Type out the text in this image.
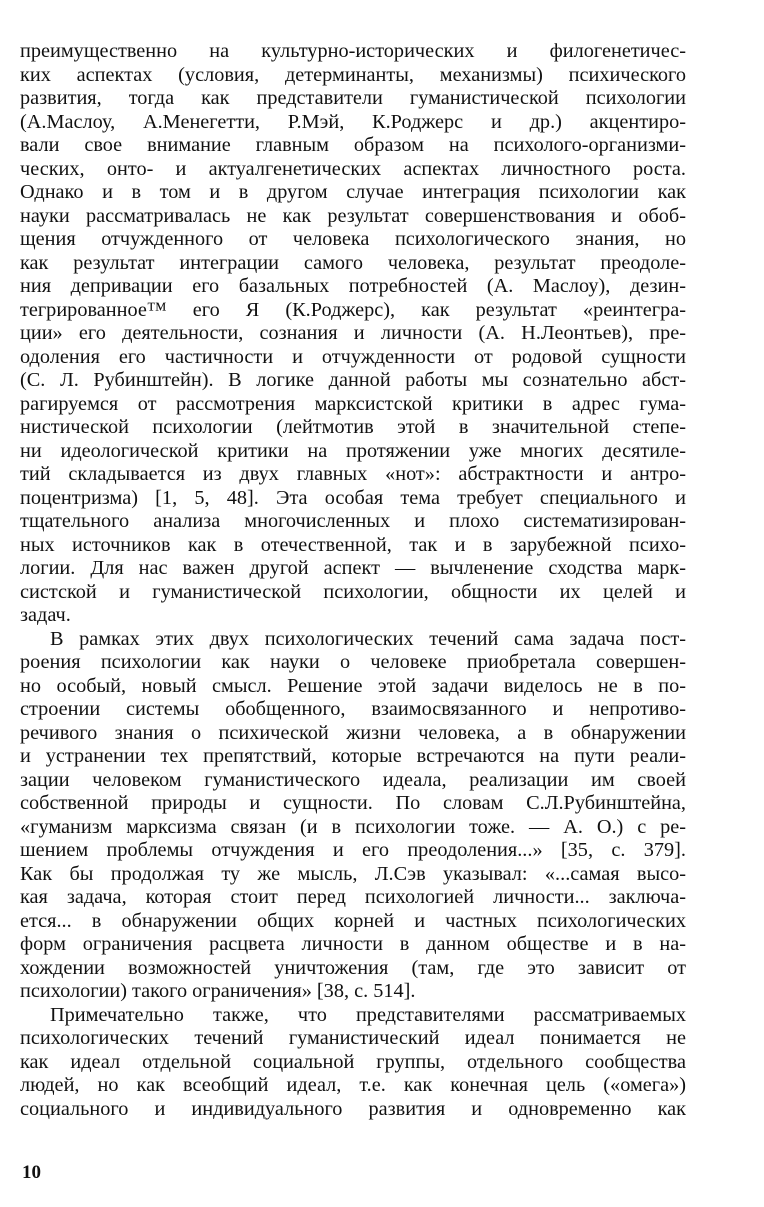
преимущественно на культурно-исторических и филогенетичес-
ких аспектах (условия, детерминанты, механизмы) психического
развития, тогда как представители гуманистической психологии
(А.Маслоу, А.Менегетти, Р.Мэй, К.Роджерс и др.) акцентиро-
вали свое внимание главным образом на психолого-организми-
ческих, онто- и актуалгенетических аспектах личностного роста.
Однако и в том и в другом случае интеграция психологии как
науки рассматривалась не как результат совершенствования и обоб-
щения отчужденного от человека психологического знания, но
как результат интеграции самого человека, результат преодоле-
ния депривации его базальных потребностей (А. Маслоу), дезин-
тегрированное™ его Я (К.Роджерс), как результат «реинтегра-
ции» его деятельности, сознания и личности (А. Н.Леонтьев), пре-
одоления его частичности и отчужденности от родовой сущности
(С. Л. Рубинштейн). В логике данной работы мы сознательно абст-
рагируемся от рассмотрения марксистской критики в адрес гума-
нистической психологии (лейтмотив этой в значительной степе-
ни идеологической критики на протяжении уже многих десятиле-
тий складывается из двух главных «нот»: абстрактности и антро-
поцентризма) [1, 5, 48]. Эта особая тема требует специального и
тщательного анализа многочисленных и плохо систематизирован-
ных источников как в отечественной, так и в зарубежной психо-
логии. Для нас важен другой аспект — вычленение сходства марк-
систской и гуманистической психологии, общности их целей и
задач.
В рамках этих двух психологических течений сама задача пост-
роения психологии как науки о человеке приобретала совершен-
но особый, новый смысл. Решение этой задачи виделось не в по-
строении системы обобщенного, взаимосвязанного и непротиво-
речивого знания о психической жизни человека, а в обнаружении
и устранении тех препятствий, которые встречаются на пути реали-
зации человеком гуманистического идеала, реализации им своей
собственной природы и сущности. По словам С.Л.Рубинштейна,
«гуманизм марксизма связан (и в психологии тоже. — А. О.) с ре-
шением проблемы отчуждения и его преодоления...» [35, с. 379].
Как бы продолжая ту же мысль, Л.Сэв указывал: «...самая высо-
кая задача, которая стоит перед психологией личности... заключа-
ется... в обнаружении общих корней и частных психологических
форм ограничения расцвета личности в данном обществе и в на-
хождении возможностей уничтожения (там, где это зависит от
психологии) такого ограничения» [38, с. 514].
Примечательно также, что представителями рассматриваемых
психологических течений гуманистический идеал понимается не
как идеал отдельной социальной группы, отдельного сообщества
людей, но как всеобщий идеал, т.е. как конечная цель («омега»)
социального и индивидуального развития и одновременно как
10
